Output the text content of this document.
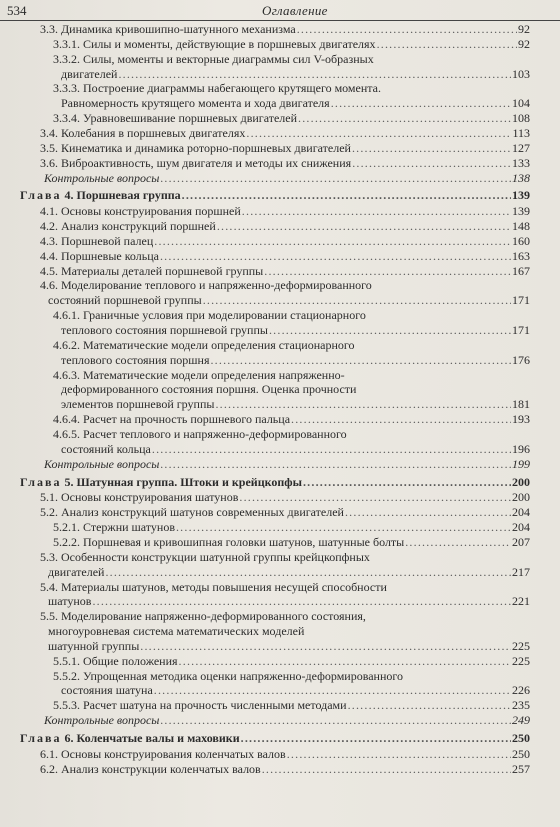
534	Оглавление
3.3. Динамика кривошипно-шатунного механизма .....	92
3.3.1. Силы и моменты, действующие в поршневых двигателях .....	92
3.3.2. Силы, моменты и векторные диаграммы сил V-образных
двигателей .....	103
3.3.3. Построение диаграммы набегающего крутящего момента.
Равномерность крутящего момента и хода двигателя .....	104
3.3.4. Уравновешивание поршневых двигателей .....	108
3.4. Колебания в поршневых двигателях .....	113
3.5. Кинематика и динамика роторно-поршневых двигателей .....	127
3.6. Виброактивность, шум двигателя и методы их снижения .....	133
Контрольные вопросы .....	138
Глава 4. Поршневая группа .....	139
4.1. Основы конструирования поршней .....	139
4.2. Анализ конструкций поршней .....	148
4.3. Поршневой палец .....	160
4.4. Поршневые кольца .....	163
4.5. Материалы деталей поршневой группы .....	167
4.6. Моделирование теплового и напряженно-деформированного
состояний поршневой группы .....	171
4.6.1. Граничные условия при моделировании стационарного
теплового состояния поршневой группы .....	171
4.6.2. Математические модели определения стационарного
теплового состояния поршня .....	176
4.6.3. Математические модели определения напряженно-
деформированного состояния поршня. Оценка прочности
элементов поршневой группы .....	181
4.6.4. Расчет на прочность поршневого пальца .....	193
4.6.5. Расчет теплового и напряженно-деформированного
состояний кольца .....	196
Контрольные вопросы .....	199
Глава 5. Шатунная группа. Штоки и крейцкопфы .....	200
5.1. Основы конструирования шатунов .....	200
5.2. Анализ конструкций шатунов современных двигателей .....	204
5.2.1. Стержни шатунов .....	204
5.2.2. Поршневая и кривошипная головки шатунов, шатунные болты .....	207
5.3. Особенности конструкции шатунной группы крейцкопфных
двигателей .....	217
5.4. Материалы шатунов, методы повышения несущей способности
шатунов .....	221
5.5. Моделирование напряженно-деформированного состояния,
многоуровневая система математических моделей
шатунной группы .....	225
5.5.1. Общие положения .....	225
5.5.2. Упрощенная методика оценки напряженно-деформированного
состояния шатуна .....	226
5.5.3. Расчет шатуна на прочность численными методами .....	235
Контрольные вопросы .....	249
Глава 6. Коленчатые валы и маховики .....	250
6.1. Основы конструирования коленчатых валов .....	250
6.2. Анализ конструкции коленчатых валов .....	257
